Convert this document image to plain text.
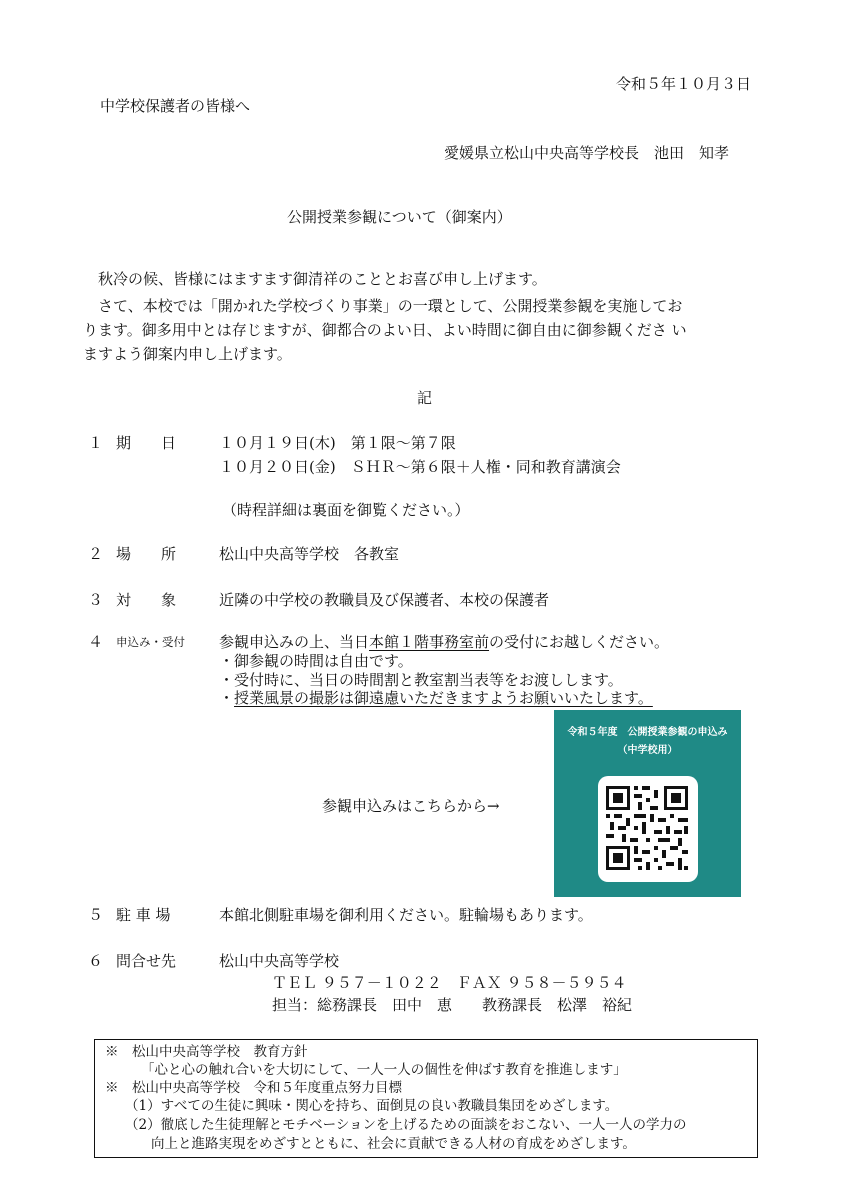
令和５年１０月３日
中学校保護者の皆様へ
愛媛県立松山中央高等学校長　池田　知孝
公開授業参観について（御案内）
秋冷の候、皆様にはますます御清祥のこととお喜び申し上げます。
さて、本校では「開かれた学校づくり事業」の一環として、公開授業参観を実施してお
ります。御多用中とは存じますが、御都合のよい日、よい時間に御自由に御参観くださ い
ますよう御案内申し上げます。
記
１ 期　　日	１０月１９日(木)　第１限～第７限
１０月２０日(金)　ＳＨＲ～第６限＋人権・同和教育講演会
（時程詳細は裏面を御覧ください。）
２ 場　　所	松山中央高等学校　各教室
３ 対　　象	近隣の中学校の教職員及び保護者、本校の保護者
４ 申込み・受付 参観申込みの上、当日本館１階事務室前の受付にお越しください。
・御参観の時間は自由です。
・受付時に、当日の時間割と教室割当表等をお渡しします。
・授業風景の撮影は御遠慮いただきますようお願いいたします。
参観申込みはこちらから→
令和５年度　公開授業参観の申込み
（中学校用）
５ 駐 車 場	本館北側駐車場を御利用ください。駐輪場もあります。
６ 問合せ先	松山中央高等学校
ＴＥＬ ９５７－１０２２　ＦＡＸ ９５８－５９５４
担当：総務課長　田中　恵　　教務課長　松澤　裕紀
※　松山中央高等学校　教育方針
「心と心の触れ合いを大切にして、一人一人の個性を伸ばす教育を推進します」
※　松山中央高等学校　令和５年度重点努力目標
（1）すべての生徒に興味・関心を持ち、面倒見の良い教職員集団をめざします。
（2）徹底した生徒理解とモチベーションを上げるための面談をおこない、一人一人の学力の
向上と進路実現をめざすとともに、社会に貢献できる人材の育成をめざします。
